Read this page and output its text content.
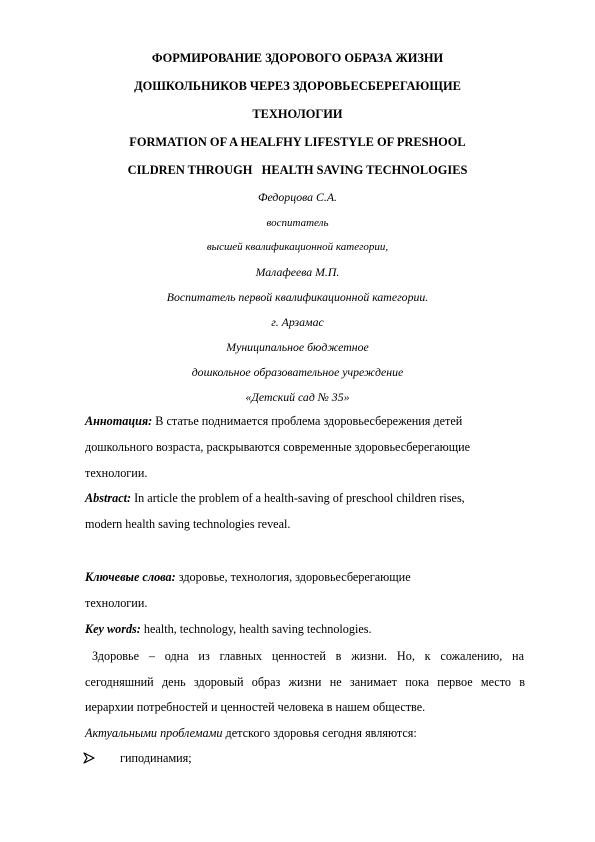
ФОРМИРОВАНИЕ ЗДОРОВОГО ОБРАЗА ЖИЗНИ
ДОШКОЛЬНИКОВ ЧЕРЕЗ ЗДОРОВЬЕСБЕРЕГАЮЩИЕ
ТЕХНОЛОГИИ
FORMATION OF A HEALFHY LIFESTYLE OF PRESHOOL
CILDREN THROUGH   HEALTH SAVING TECHNOLOGIES
Федорцова С.А.
воспитатель
высшей квалификационной категории,
Малафеева М.П.
Воспитатель первой квалификационной категории.
г. Арзамас
Муниципальное бюджетное
дошкольное образовательное учреждение
«Детский сад № 35»
Аннотация: В статье поднимается проблема здоровьесбережения детей
дошкольного возраста, раскрываются современные здоровьесберегающие
технологии.
Abstract: In article the problem of a health-saving of preschool children rises,
modern health saving technologies reveal.
Ключевые слова: здоровье, технология, здоровьесберегающие
технологии.
Key words: health, technology, health saving technologies.
Здоровье – одна из главных ценностей в жизни. Но, к сожалению, на
сегодняшний день здоровый образ жизни не занимает пока первое место в
иерархии потребностей и ценностей человека в нашем обществе.
Актуальными проблемами детского здоровья сегодня являются:
гиподинамия;
